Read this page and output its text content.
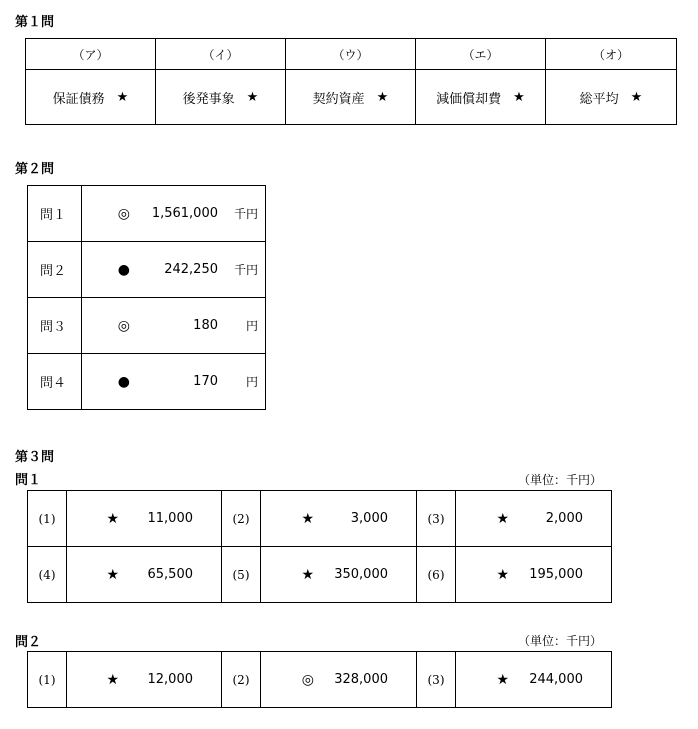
第１問
（ア）	（イ）	（ウ）	（エ）	（オ）

保証債務 ★	後発事象 ★	契約資産 ★	減価償却費 ★	総平均 ★
第２問
問１	◎ 1,561,000 千円

問２	● 242,250 千円

問３	◎ 180 円

問４	● 170 円
第３問
問１	（単位：千円）
(1)	★ 11,000	(2)	★ 3,000	(3)	★ 2,000

(4)	★ 65,500	(5)	★ 350,000	(6)	★ 195,000
問２	（単位：千円）
(1)	★	12,000	(2)	◎ 328,000	(3)	★ 244,000
